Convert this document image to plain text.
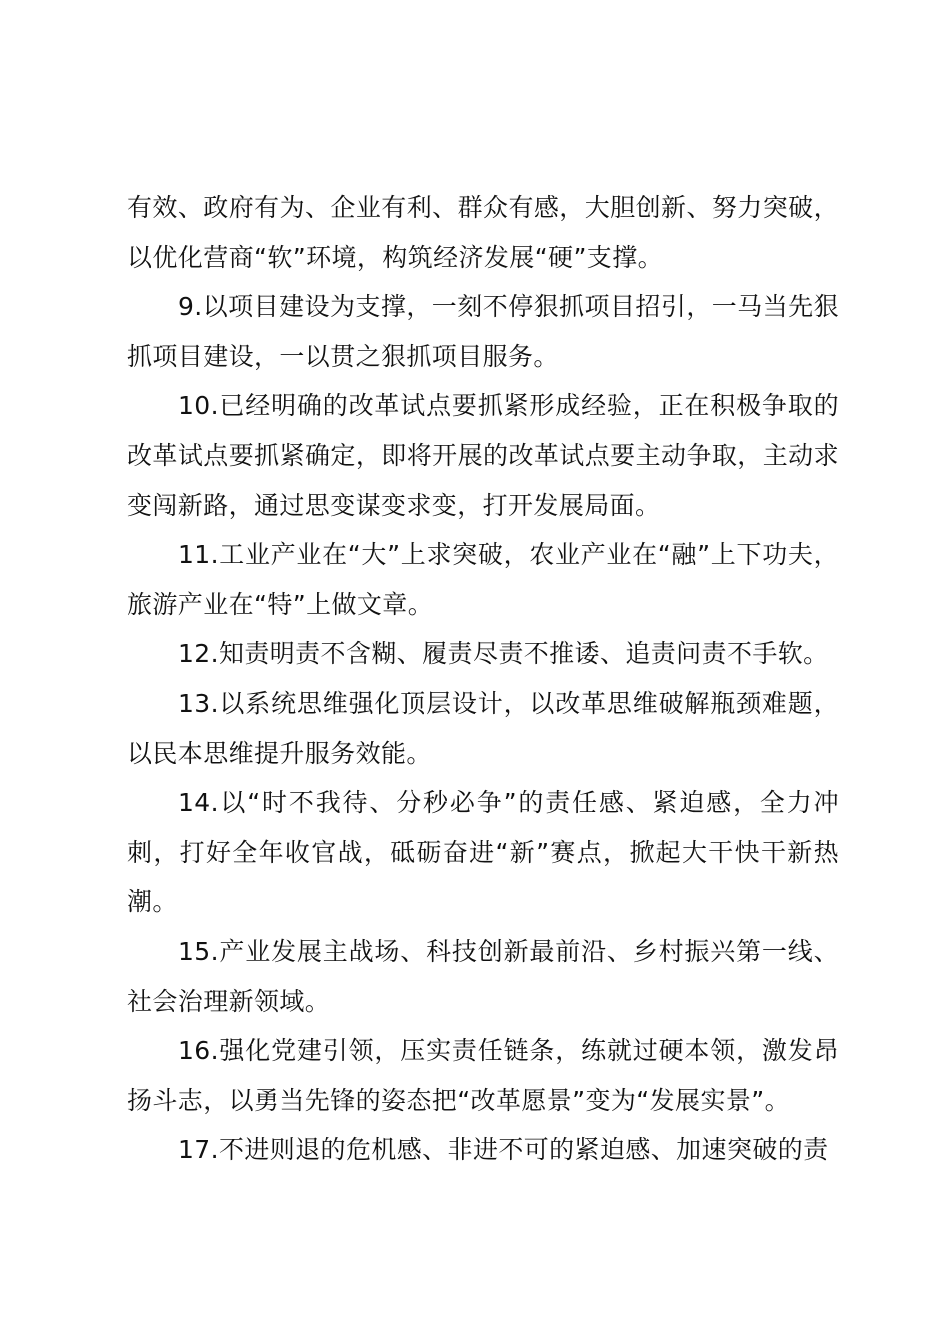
有效、政府有为、企业有利、群众有感，大胆创新、努力突破，以优化营商“软”环境，构筑经济发展“硬”支撑。

9.以项目建设为支撑，一刻不停狠抓项目招引，一马当先狠抓项目建设，一以贯之狠抓项目服务。

10.已经明确的改革试点要抓紧形成经验，正在积极争取的改革试点要抓紧确定，即将开展的改革试点要主动争取，主动求变闯新路，通过思变谋变求变，打开发展局面。

11.工业产业在“大”上求突破，农业产业在“融”上下功夫，旅游产业在“特”上做文章。

12.知责明责不含糊、履责尽责不推诿、追责问责不手软。

13.以系统思维强化顶层设计，以改革思维破解瓶颈难题，以民本思维提升服务效能。

14.以“时不我待、分秒必争”的责任感、紧迫感，全力冲刺，打好全年收官战，砥砺奋进“新”赛点，掀起大干快干新热潮。

15.产业发展主战场、科技创新最前沿、乡村振兴第一线、社会治理新领域。

16.强化党建引领，压实责任链条，练就过硬本领，激发昂扬斗志，以勇当先锋的姿态把“改革愿景”变为“发展实景”。

17.不进则退的危机感、非进不可的紧迫感、加速突破的责
